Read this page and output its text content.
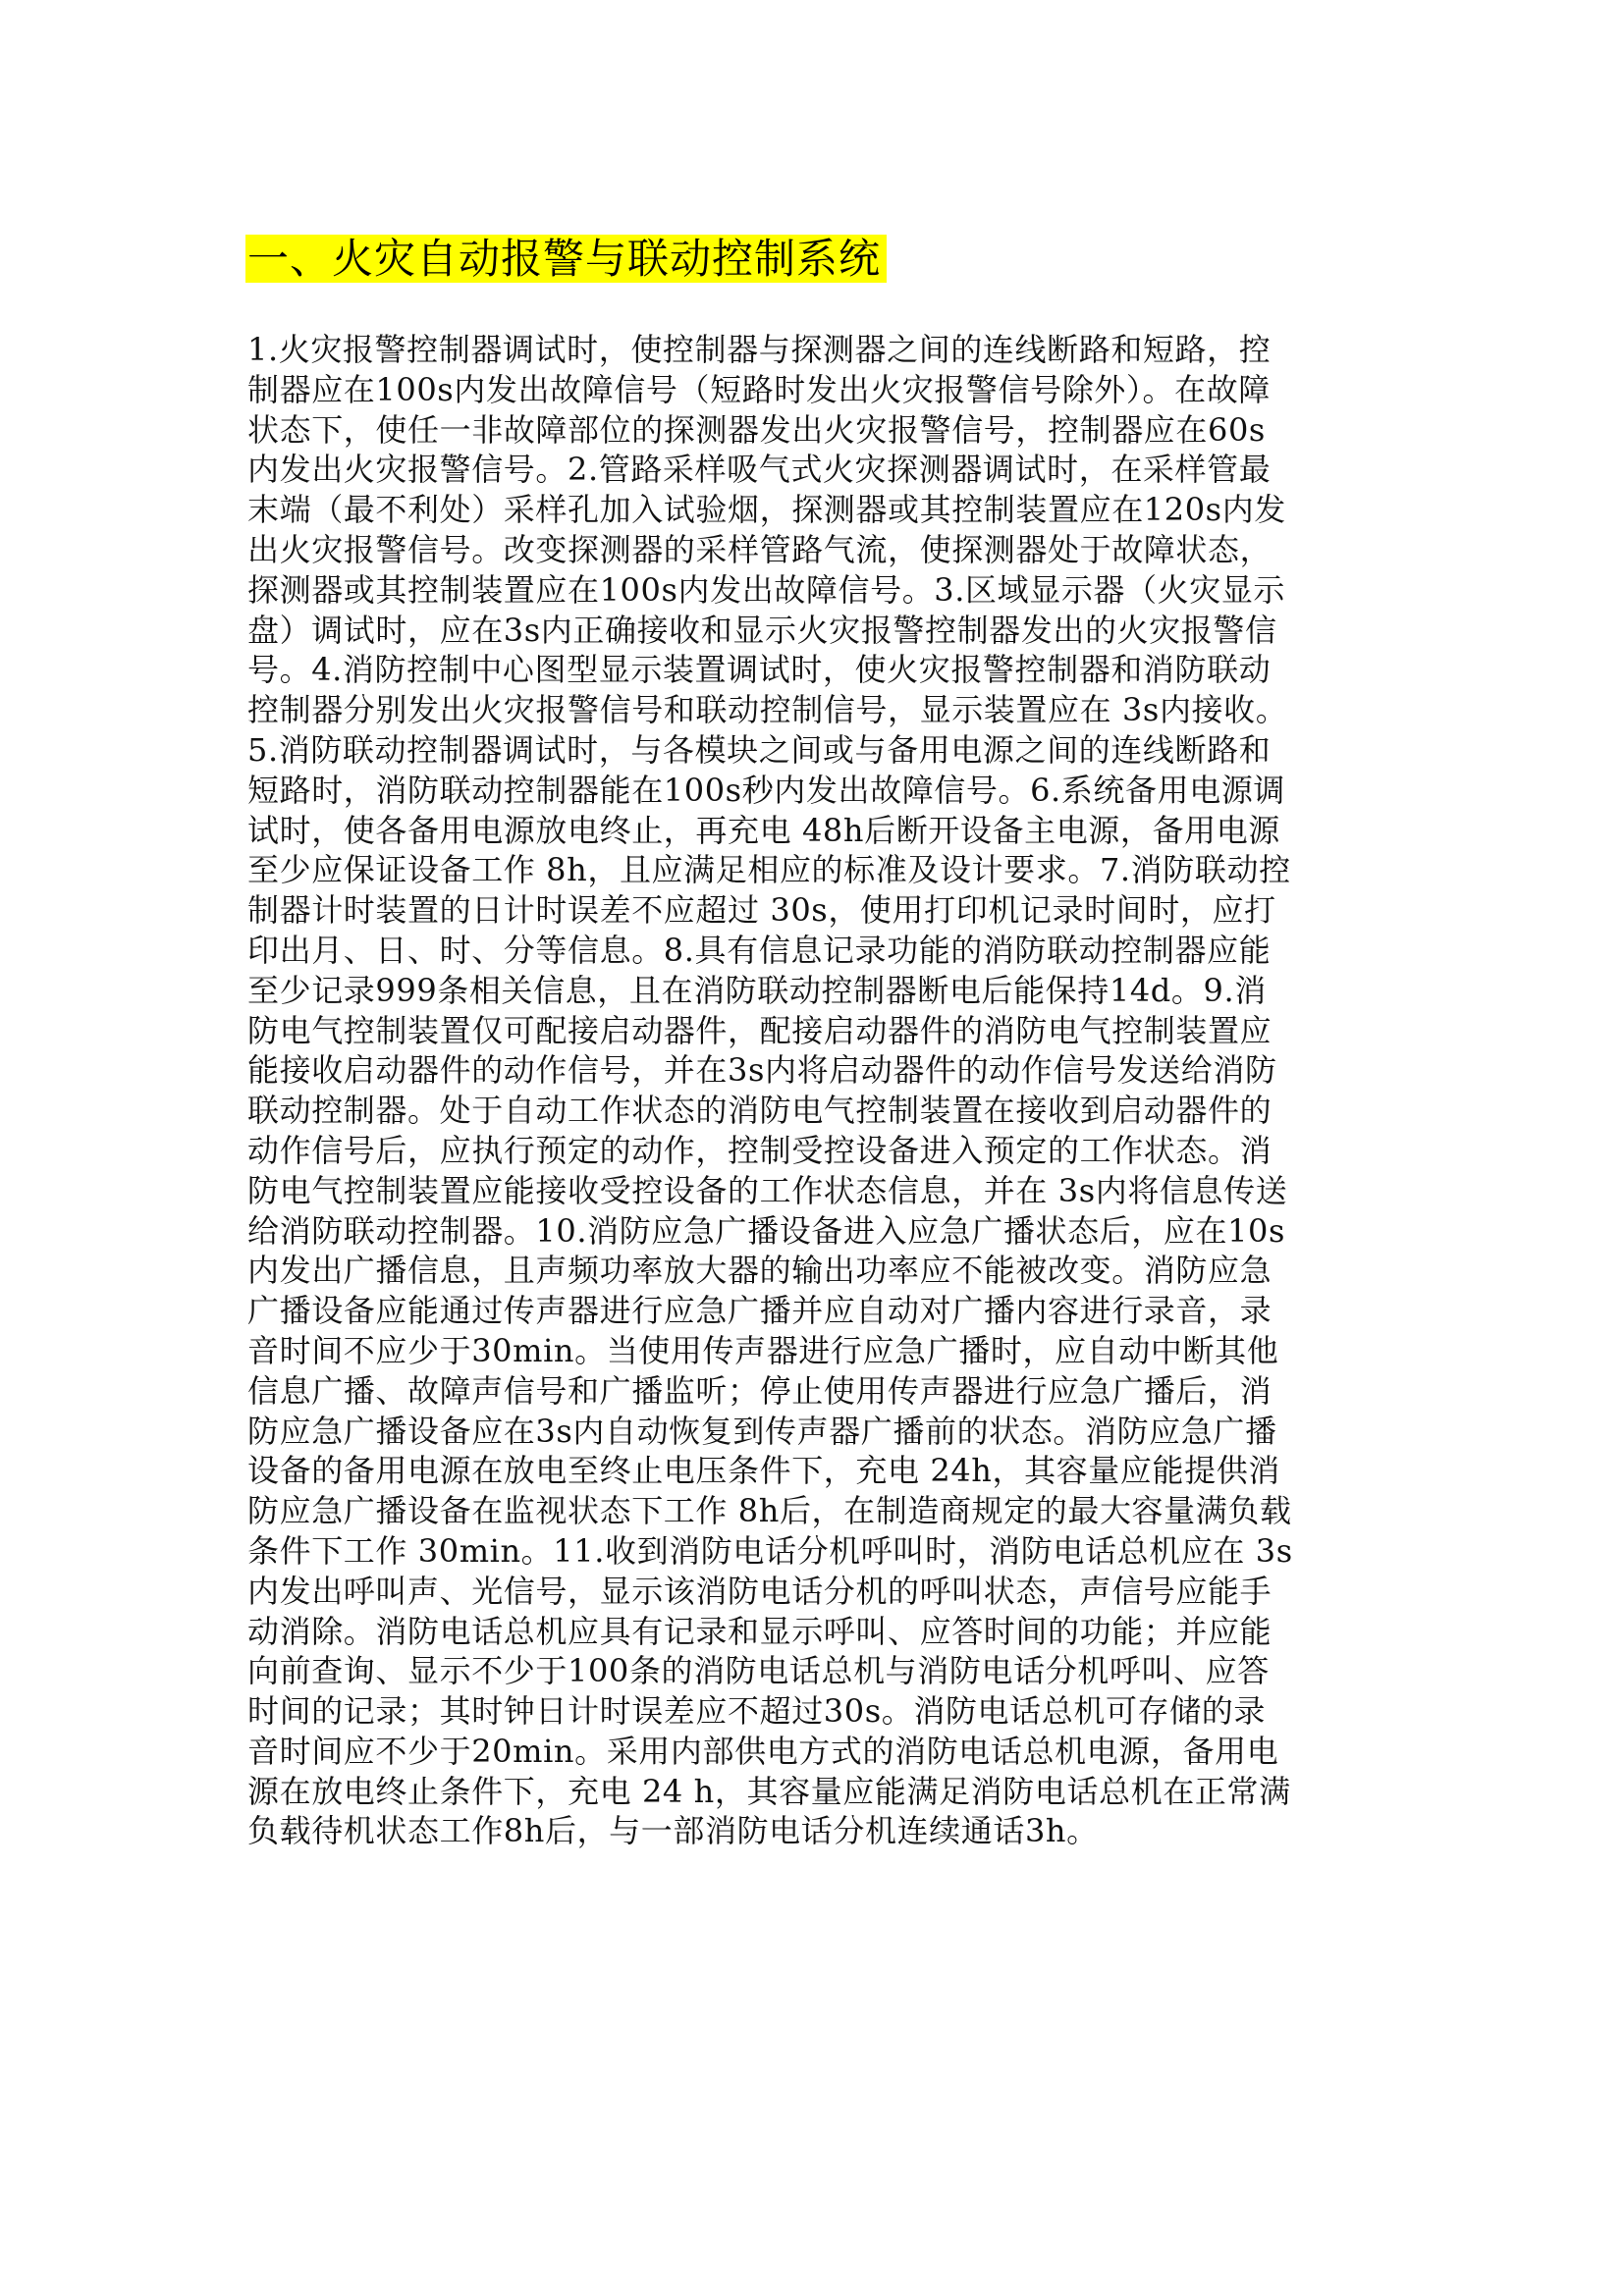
一、火灾自动报警与联动控制系统
1.火灾报警控制器调试时，使控制器与探测器之间的连线断路和短路，控
制器应在100s内发出故障信号（短路时发出火灾报警信号除外）。在故障
状态下，使任一非故障部位的探测器发出火灾报警信号，控制器应在60s
内发出火灾报警信号。2.管路采样吸气式火灾探测器调试时，在采样管最
末端（最不利处）采样孔加入试验烟，探测器或其控制装置应在120s内发
出火灾报警信号。改变探测器的采样管路气流，使探测器处于故障状态，
探测器或其控制装置应在100s内发出故障信号。3.区域显示器（火灾显示
盘）调试时，应在3s内正确接收和显示火灾报警控制器发出的火灾报警信
号。4.消防控制中心图型显示装置调试时，使火灾报警控制器和消防联动
控制器分别发出火灾报警信号和联动控制信号，显示装置应在 3s内接收。
5.消防联动控制器调试时，与各模块之间或与备用电源之间的连线断路和
短路时，消防联动控制器能在100s秒内发出故障信号。6.系统备用电源调
试时，使各备用电源放电终止，再充电 48h后断开设备主电源，备用电源
至少应保证设备工作 8h，且应满足相应的标准及设计要求。7.消防联动控
制器计时装置的日计时误差不应超过 30s，使用打印机记录时间时，应打
印出月、日、时、分等信息。8.具有信息记录功能的消防联动控制器应能
至少记录999条相关信息，且在消防联动控制器断电后能保持14d。9.消
防电气控制装置仅可配接启动器件，配接启动器件的消防电气控制装置应
能接收启动器件的动作信号，并在3s内将启动器件的动作信号发送给消防
联动控制器。处于自动工作状态的消防电气控制装置在接收到启动器件的
动作信号后，应执行预定的动作，控制受控设备进入预定的工作状态。消
防电气控制装置应能接收受控设备的工作状态信息，并在 3s内将信息传送
给消防联动控制器。10.消防应急广播设备进入应急广播状态后，应在10s
内发出广播信息，且声频功率放大器的输出功率应不能被改变。消防应急
广播设备应能通过传声器进行应急广播并应自动对广播内容进行录音，录
音时间不应少于30min。当使用传声器进行应急广播时，应自动中断其他
信息广播、故障声信号和广播监听；停止使用传声器进行应急广播后，消
防应急广播设备应在3s内自动恢复到传声器广播前的状态。消防应急广播
设备的备用电源在放电至终止电压条件下，充电 24h，其容量应能提供消
防应急广播设备在监视状态下工作 8h后，在制造商规定的最大容量满负载
条件下工作 30min。11.收到消防电话分机呼叫时，消防电话总机应在 3s
内发出呼叫声、光信号，显示该消防电话分机的呼叫状态，声信号应能手
动消除。消防电话总机应具有记录和显示呼叫、应答时间的功能；并应能
向前查询、显示不少于100条的消防电话总机与消防电话分机呼叫、应答
时间的记录；其时钟日计时误差应不超过30s。消防电话总机可存储的录
音时间应不少于20min。采用内部供电方式的消防电话总机电源，备用电
源在放电终止条件下，充电 24 h，其容量应能满足消防电话总机在正常满
负载待机状态工作8h后，与一部消防电话分机连续通话3h。
